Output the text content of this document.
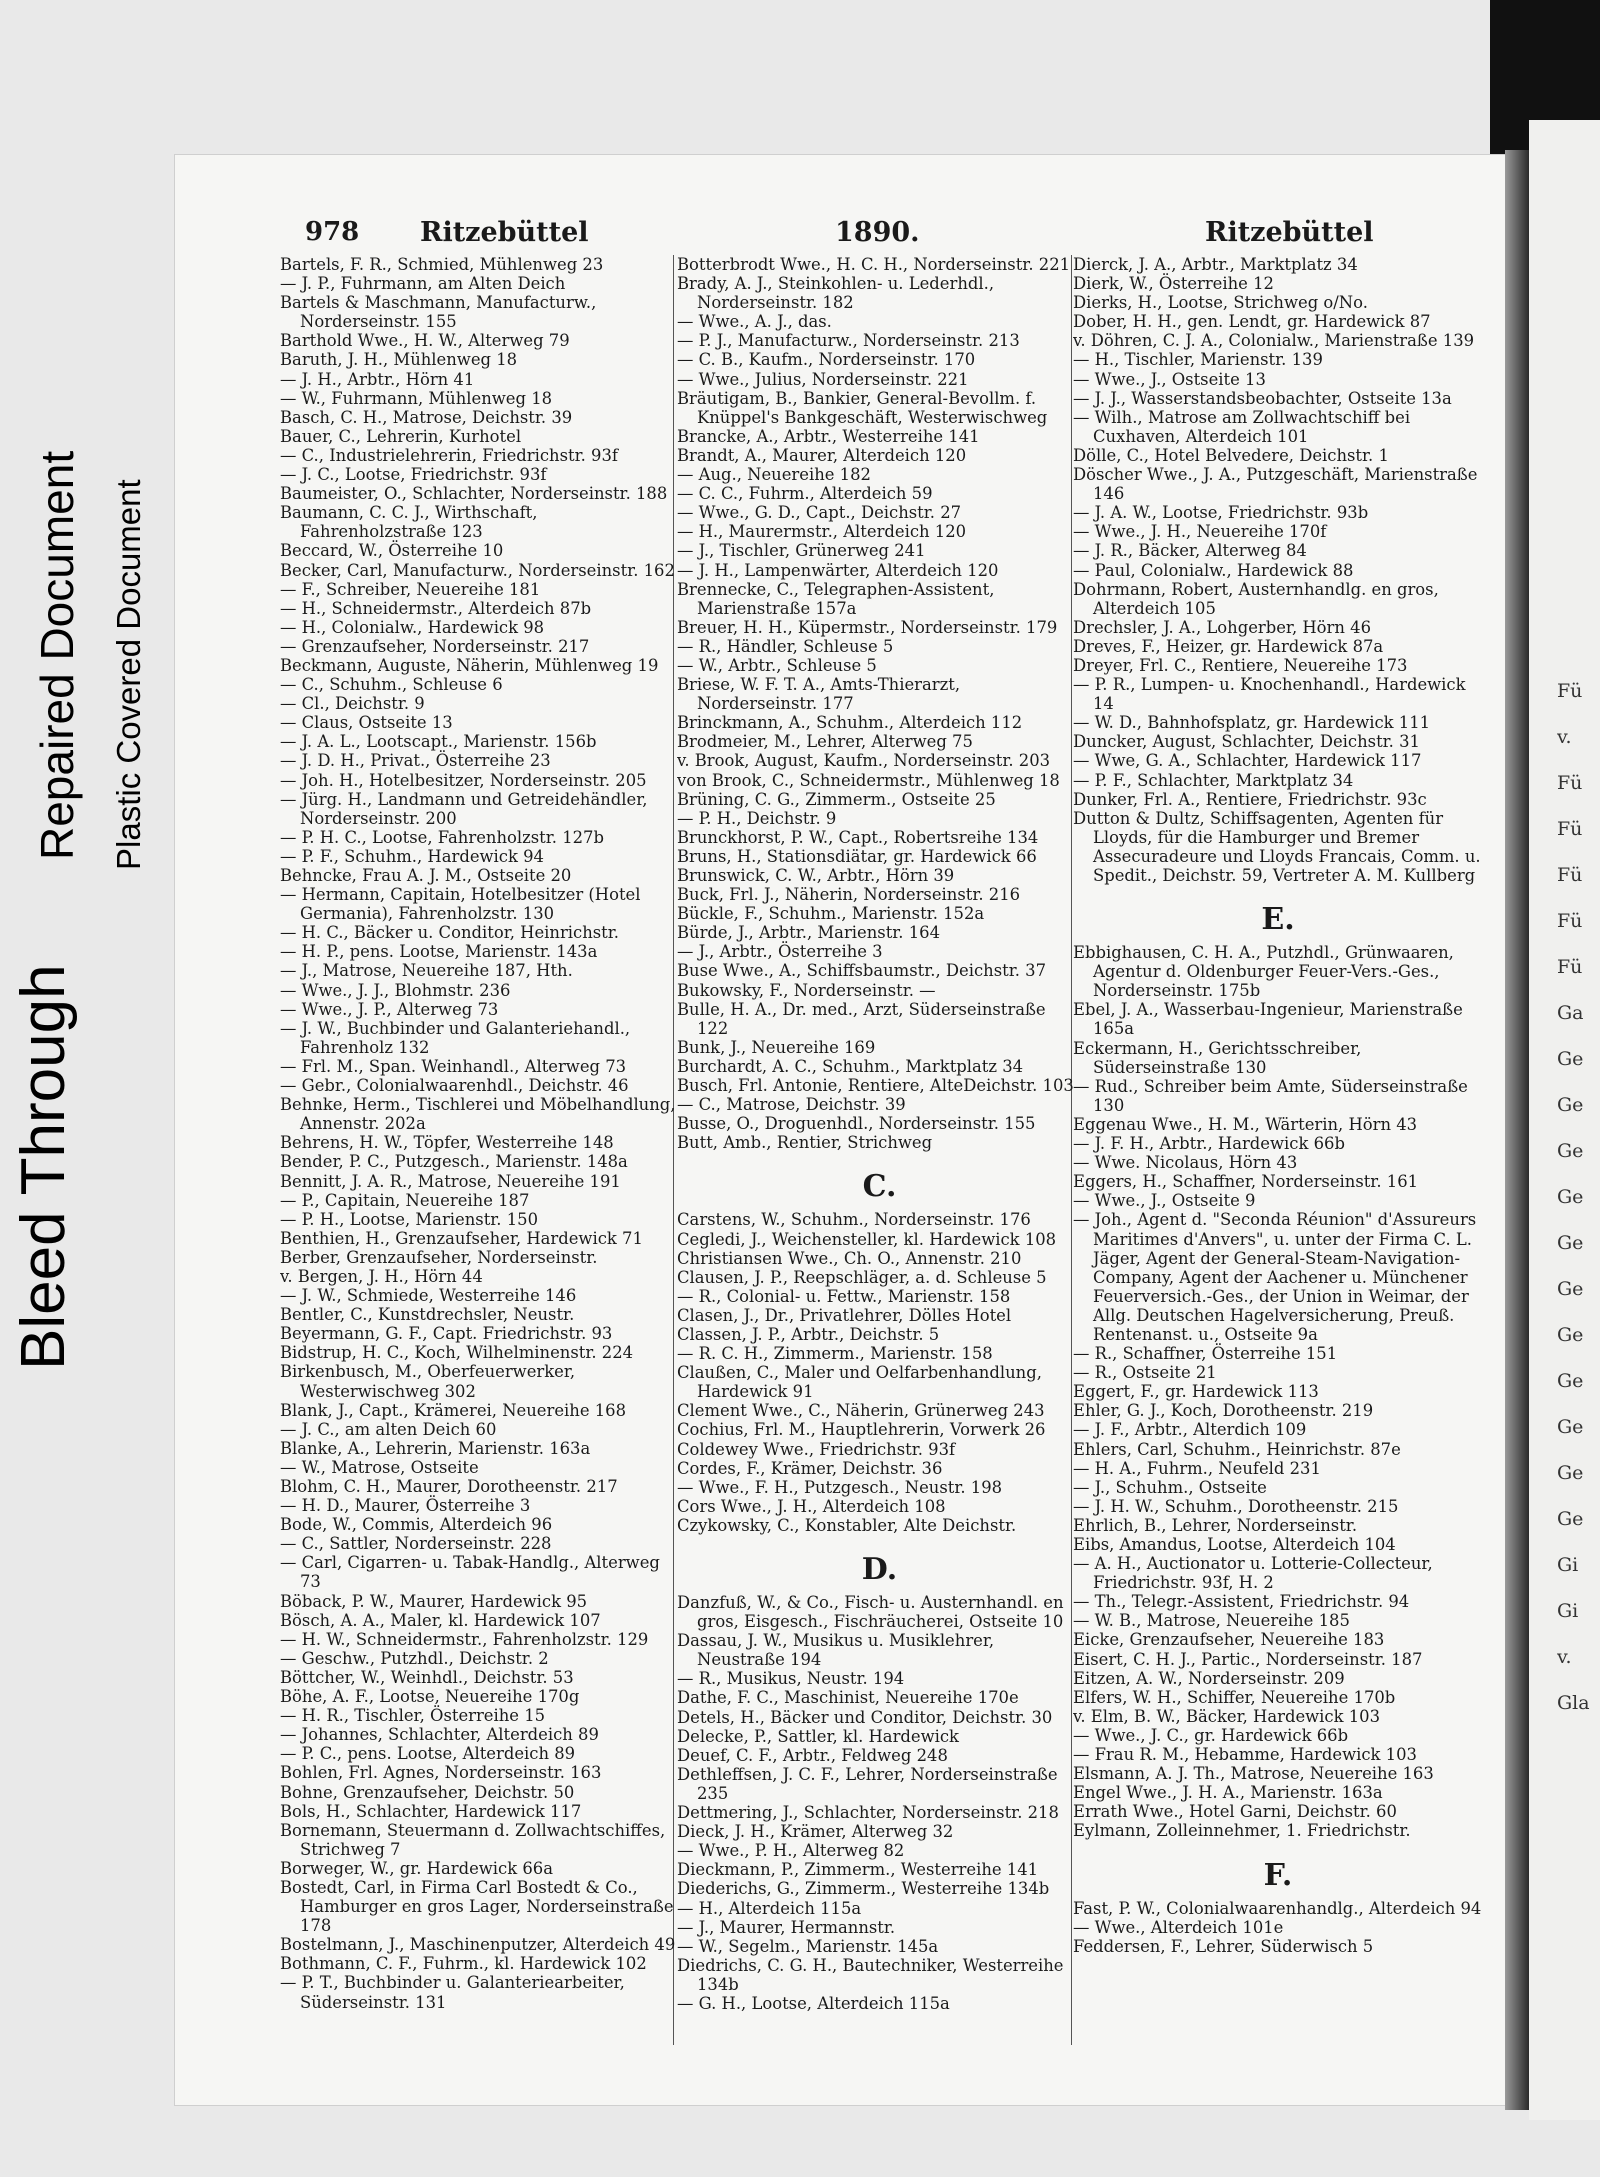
Fü
v.
Fü
Fü
Fü
Fü
Fü
Ga
Ge
Ge
Ge
Ge
Ge
Ge
Ge
Ge
Ge
Ge
Ge
Gi
Gi
v.
Gla
Bleed Through
Repaired Document Plastic Covered Document
978 Ritzebüttel	1890.	Ritzebüttel

Bartels, F. R., Schmied, Mühlenweg 23

— J. P., Fuhrmann, am Alten Deich

Bartels & Maschmann, Manufacturw., Norderseinstr. 155

Barthold Wwe., H. W., Alterweg 79

Baruth, J. H., Mühlenweg 18

— J. H., Arbtr., Hörn 41

— W., Fuhrmann, Mühlenweg 18

Basch, C. H., Matrose, Deichstr. 39

Bauer, C., Lehrerin, Kurhotel

— C., Industrielehrerin, Friedrichstr. 93f

— J. C., Lootse, Friedrichstr. 93f

Baumeister, O., Schlachter, Norderseinstr. 188

Baumann, C. C. J., Wirthschaft, Fahrenholzstraße 123

Beccard, W., Österreihe 10

Becker, Carl, Manufacturw., Norderseinstr. 162

— F., Schreiber, Neuereihe 181

— H., Schneidermstr., Alterdeich 87b

— H., Colonialw., Hardewick 98

— Grenzaufseher, Norderseinstr. 217

Beckmann, Auguste, Näherin, Mühlenweg 19

— C., Schuhm., Schleuse 6

— Cl., Deichstr. 9

— Claus, Ostseite 13

— J. A. L., Lootscapt., Marienstr. 156b

— J. D. H., Privat., Österreihe 23

— Joh. H., Hotelbesitzer, Norderseinstr. 205

— Jürg. H., Landmann und Getreidehändler, Norderseinstr. 200

— P. H. C., Lootse, Fahrenholzstr. 127b

— P. F., Schuhm., Hardewick 94

Behncke, Frau A. J. M., Ostseite 20

— Hermann, Capitain, Hotelbesitzer (Hotel Germania), Fahrenholzstr. 130

— H. C., Bäcker u. Conditor, Heinrichstr.

— H. P., pens. Lootse, Marienstr. 143a

— J., Matrose, Neuereihe 187, Hth.

— Wwe., J. J., Blohmstr. 236

— Wwe., J. P., Alterweg 73

— J. W., Buchbinder und Galanteriehandl., Fahrenholz 132

— Frl. M., Span. Weinhandl., Alterweg 73

— Gebr., Colonialwaarenhdl., Deichstr. 46

Behnke, Herm., Tischlerei und Möbelhandlung, Annenstr. 202a

Behrens, H. W., Töpfer, Westerreihe 148

Bender, P. C., Putzgesch., Marienstr. 148a

Bennitt, J. A. R., Matrose, Neuereihe 191

— P., Capitain, Neuereihe 187

— P. H., Lootse, Marienstr. 150

Benthien, H., Grenzaufseher, Hardewick 71

Berber, Grenzaufseher, Norderseinstr.

v. Bergen, J. H., Hörn 44

— J. W., Schmiede, Westerreihe 146

Bentler, C., Kunstdrechsler, Neustr.

Beyermann, G. F., Capt. Friedrichstr. 93

Bidstrup, H. C., Koch, Wilhelminenstr. 224

Birkenbusch, M., Oberfeuerwerker, Westerwischweg 302

Blank, J., Capt., Krämerei, Neuereihe 168

— J. C., am alten Deich 60

Blanke, A., Lehrerin, Marienstr. 163a

— W., Matrose, Ostseite

Blohm, C. H., Maurer, Dorotheenstr. 217

— H. D., Maurer, Österreihe 3

Bode, W., Commis, Alterdeich 96

— C., Sattler, Norderseinstr. 228

— Carl, Cigarren- u. Tabak-Handlg., Alterweg 73

Böback, P. W., Maurer, Hardewick 95

Bösch, A. A., Maler, kl. Hardewick 107

— H. W., Schneidermstr., Fahrenholzstr. 129

— Geschw., Putzhdl., Deichstr. 2

Böttcher, W., Weinhdl., Deichstr. 53

Böhe, A. F., Lootse, Neuereihe 170g

— H. R., Tischler, Österreihe 15

— Johannes, Schlachter, Alterdeich 89

— P. C., pens. Lootse, Alterdeich 89

Bohlen, Frl. Agnes, Norderseinstr. 163

Bohne, Grenzaufseher, Deichstr. 50

Bols, H., Schlachter, Hardewick 117

Bornemann, Steuermann d. Zollwachtschiffes, Strichweg 7

Borweger, W., gr. Hardewick 66a

Bostedt, Carl, in Firma Carl Bostedt & Co., Hamburger en gros Lager, Norderseinstraße 178

Bostelmann, J., Maschinenputzer, Alterdeich 49

Bothmann, C. F., Fuhrm., kl. Hardewick 102

— P. T., Buchbinder u. Galanteriearbeiter, Süderseinstr. 131

Botterbrodt Wwe., H. C. H., Norderseinstr. 221

Brady, A. J., Steinkohlen- u. Lederhdl., Norderseinstr. 182

— Wwe., A. J., das.

— P. J., Manufacturw., Norderseinstr. 213

— C. B., Kaufm., Norderseinstr. 170

— Wwe., Julius, Norderseinstr. 221

Bräutigam, B., Bankier, General-Bevollm. f. Knüppel's Bankgeschäft, Westerwischweg

Brancke, A., Arbtr., Westerreihe 141

Brandt, A., Maurer, Alterdeich 120

— Aug., Neuereihe 182

— C. C., Fuhrm., Alterdeich 59

— Wwe., G. D., Capt., Deichstr. 27

— H., Maurermstr., Alterdeich 120

— J., Tischler, Grünerweg 241

— J. H., Lampenwärter, Alterdeich 120

Brennecke, C., Telegraphen-Assistent, Marienstraße 157a

Breuer, H. H., Küpermstr., Norderseinstr. 179

— R., Händler, Schleuse 5

— W., Arbtr., Schleuse 5

Briese, W. F. T. A., Amts-Thierarzt, Norderseinstr. 177

Brinckmann, A., Schuhm., Alterdeich 112

Brodmeier, M., Lehrer, Alterweg 75

v. Brook, August, Kaufm., Norderseinstr. 203

von Brook, C., Schneidermstr., Mühlenweg 18

Brüning, C. G., Zimmerm., Ostseite 25

— P. H., Deichstr. 9

Brunckhorst, P. W., Capt., Robertsreihe 134

Bruns, H., Stationsdiätar, gr. Hardewick 66

Brunswick, C. W., Arbtr., Hörn 39

Buck, Frl. J., Näherin, Norderseinstr. 216

Bückle, F., Schuhm., Marienstr. 152a

Bürde, J., Arbtr., Marienstr. 164

— J., Arbtr., Österreihe 3

Buse Wwe., A., Schiffsbaumstr., Deichstr. 37

Bukowsky, F., Norderseinstr. —

Bulle, H. A., Dr. med., Arzt, Süderseinstraße 122

Bunk, J., Neuereihe 169

Burchardt, A. C., Schuhm., Marktplatz 34

Busch, Frl. Antonie, Rentiere, AlteDeichstr. 103

— C., Matrose, Deichstr. 39

Busse, O., Droguenhdl., Norderseinstr. 155

Butt, Amb., Rentier, Strichweg

C.

Carstens, W., Schuhm., Norderseinstr. 176

Cegledi, J., Weichensteller, kl. Hardewick 108

Christiansen Wwe., Ch. O., Annenstr. 210

Clausen, J. P., Reepschläger, a. d. Schleuse 5

— R., Colonial- u. Fettw., Marienstr. 158

Clasen, J., Dr., Privatlehrer, Dölles Hotel

Classen, J. P., Arbtr., Deichstr. 5

— R. C. H., Zimmerm., Marienstr. 158

Claußen, C., Maler und Oelfarbenhandlung, Hardewick 91

Clement Wwe., C., Näherin, Grünerweg 243

Cochius, Frl. M., Hauptlehrerin, Vorwerk 26

Coldewey Wwe., Friedrichstr. 93f

Cordes, F., Krämer, Deichstr. 36

— Wwe., F. H., Putzgesch., Neustr. 198

Cors Wwe., J. H., Alterdeich 108

Czykowsky, C., Konstabler, Alte Deichstr.

D.

Danzfuß, W., & Co., Fisch- u. Austernhandl. en gros, Eisgesch., Fischräucherei, Ostseite 10

Dassau, J. W., Musikus u. Musiklehrer, Neustraße 194

— R., Musikus, Neustr. 194

Dathe, F. C., Maschinist, Neuereihe 170e

Detels, H., Bäcker und Conditor, Deichstr. 30

Delecke, P., Sattler, kl. Hardewick

Deuef, C. F., Arbtr., Feldweg 248

Dethleffsen, J. C. F., Lehrer, Norderseinstraße 235

Dettmering, J., Schlachter, Norderseinstr. 218

Dieck, J. H., Krämer, Alterweg 32

— Wwe., P. H., Alterweg 82

Dieckmann, P., Zimmerm., Westerreihe 141

Diederichs, G., Zimmerm., Westerreihe 134b

— H., Alterdeich 115a

— J., Maurer, Hermannstr.

— W., Segelm., Marienstr. 145a

Diedrichs, C. G. H., Bautechniker, Westerreihe 134b

— G. H., Lootse, Alterdeich 115a

Dierck, J. A., Arbtr., Marktplatz 34

Dierk, W., Österreihe 12

Dierks, H., Lootse, Strichweg o/No.

Dober, H. H., gen. Lendt, gr. Hardewick 87

v. Döhren, C. J. A., Colonialw., Marienstraße 139

— H., Tischler, Marienstr. 139

— Wwe., J., Ostseite 13

— J. J., Wasserstandsbeobachter, Ostseite 13a

— Wilh., Matrose am Zollwachtschiff bei Cuxhaven, Alterdeich 101

Dölle, C., Hotel Belvedere, Deichstr. 1

Döscher Wwe., J. A., Putzgeschäft, Marienstraße 146

— J. A. W., Lootse, Friedrichstr. 93b

— Wwe., J. H., Neuereihe 170f

— J. R., Bäcker, Alterweg 84

— Paul, Colonialw., Hardewick 88

Dohrmann, Robert, Austernhandlg. en gros, Alterdeich 105

Drechsler, J. A., Lohgerber, Hörn 46

Dreves, F., Heizer, gr. Hardewick 87a

Dreyer, Frl. C., Rentiere, Neuereihe 173

— P. R., Lumpen- u. Knochenhandl., Hardewick 14

— W. D., Bahnhofsplatz, gr. Hardewick 111

Duncker, August, Schlachter, Deichstr. 31

— Wwe, G. A., Schlachter, Hardewick 117

— P. F., Schlachter, Marktplatz 34

Dunker, Frl. A., Rentiere, Friedrichstr. 93c

Dutton & Dultz, Schiffsagenten, Agenten für Lloyds, für die Hamburger und Bremer Assecuradeure und Lloyds Francais, Comm. u. Spedit., Deichstr. 59, Vertreter A. M. Kullberg

E.

Ebbighausen, C. H. A., Putzhdl., Grünwaaren, Agentur d. Oldenburger Feuer-Vers.-Ges., Norderseinstr. 175b

Ebel, J. A., Wasserbau-Ingenieur, Marienstraße 165a

Eckermann, H., Gerichtsschreiber, Süderseinstraße 130

— Rud., Schreiber beim Amte, Süderseinstraße 130

Eggenau Wwe., H. M., Wärterin, Hörn 43

— J. F. H., Arbtr., Hardewick 66b

— Wwe. Nicolaus, Hörn 43

Eggers, H., Schaffner, Norderseinstr. 161

— Wwe., J., Ostseite 9

— Joh., Agent d. "Seconda Réunion" d'Assureurs Maritimes d'Anvers", u. unter der Firma C. L. Jäger, Agent der General-Steam-Navigation-Company, Agent der Aachener u. Münchener Feuerversich.-Ges., der Union in Weimar, der Allg. Deutschen Hagelversicherung, Preuß. Rentenanst. u., Ostseite 9a

— R., Schaffner, Österreihe 151

— R., Ostseite 21

Eggert, F., gr. Hardewick 113

Ehler, G. J., Koch, Dorotheenstr. 219

— J. F., Arbtr., Alterdich 109

Ehlers, Carl, Schuhm., Heinrichstr. 87e

— H. A., Fuhrm., Neufeld 231

— J., Schuhm., Ostseite

— J. H. W., Schuhm., Dorotheenstr. 215

Ehrlich, B., Lehrer, Norderseinstr.

Eibs, Amandus, Lootse, Alterdeich 104

— A. H., Auctionator u. Lotterie-Collecteur, Friedrichstr. 93f, H. 2

— Th., Telegr.-Assistent, Friedrichstr. 94

— W. B., Matrose, Neuereihe 185

Eicke, Grenzaufseher, Neuereihe 183

Eisert, C. H. J., Partic., Norderseinstr. 187

Eitzen, A. W., Norderseinstr. 209

Elfers, W. H., Schiffer, Neuereihe 170b

v. Elm, B. W., Bäcker, Hardewick 103

— Wwe., J. C., gr. Hardewick 66b

— Frau R. M., Hebamme, Hardewick 103

Elsmann, A. J. Th., Matrose, Neuereihe 163

Engel Wwe., J. H. A., Marienstr. 163a

Errath Wwe., Hotel Garni, Deichstr. 60

Eylmann, Zolleinnehmer, 1. Friedrichstr.

F.

Fast, P. W., Colonialwaarenhandlg., Alterdeich 94

— Wwe., Alterdeich 101e

Feddersen, F., Lehrer, Süderwisch 5
